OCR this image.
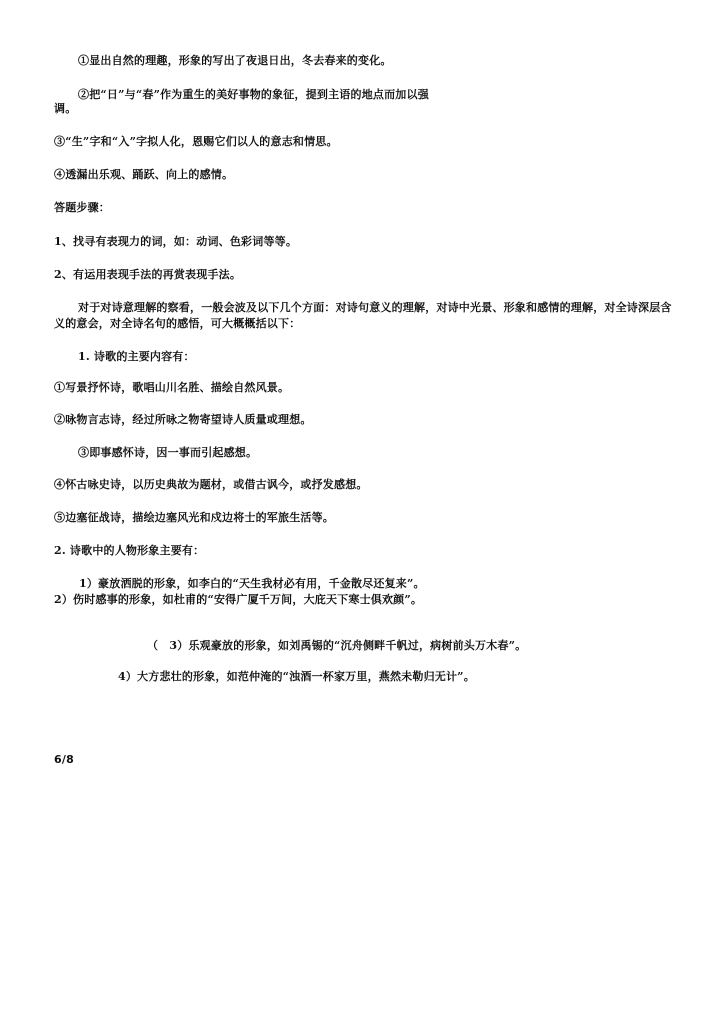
①显出自然的理趣，形象的写出了夜退日出，冬去春来的变化。
②把“日”与“春”作为重生的美好事物的象征，提到主语的地点而加以强
调。
③“生”字和“入”字拟人化，恩赐它们以人的意志和情思。
④透漏出乐观、踊跃、向上的感情。
答题步骤：
1、找寻有表现力的词，如：动词、色彩词等等。
2、有运用表现手法的再赏表现手法。
对于对诗意理解的察看，一般会波及以下几个方面：对诗句意义的理解，对诗中光景、形象和感情的理解，对全诗深层含义的意会，对全诗名句的感悟，可大概概括以下：
1. 诗歌的主要内容有：
①写景抒怀诗，歌唱山川名胜、描绘自然风景。
②咏物言志诗，经过所咏之物寄望诗人质量或理想。
③即事感怀诗，因一事而引起感想。
④怀古咏史诗，以历史典故为题材，或借古讽今，或抒发感想。
⑤边塞征战诗，描绘边塞风光和戍边将士的军旅生活等。
2. 诗歌中的人物形象主要有：
1）豪放洒脱的形象，如李白的“天生我材必有用，千金散尽还复来”。
2）伤时感事的形象，如杜甫的“安得广厦千万间，大庇天下寒士俱欢颜”。
（　3）乐观豪放的形象，如刘禹锡的“沉舟侧畔千帆过，病树前头万木春”。
4）大方悲壮的形象，如范仲淹的“浊酒一杯家万里，燕然未勒归无计”。
6/8
